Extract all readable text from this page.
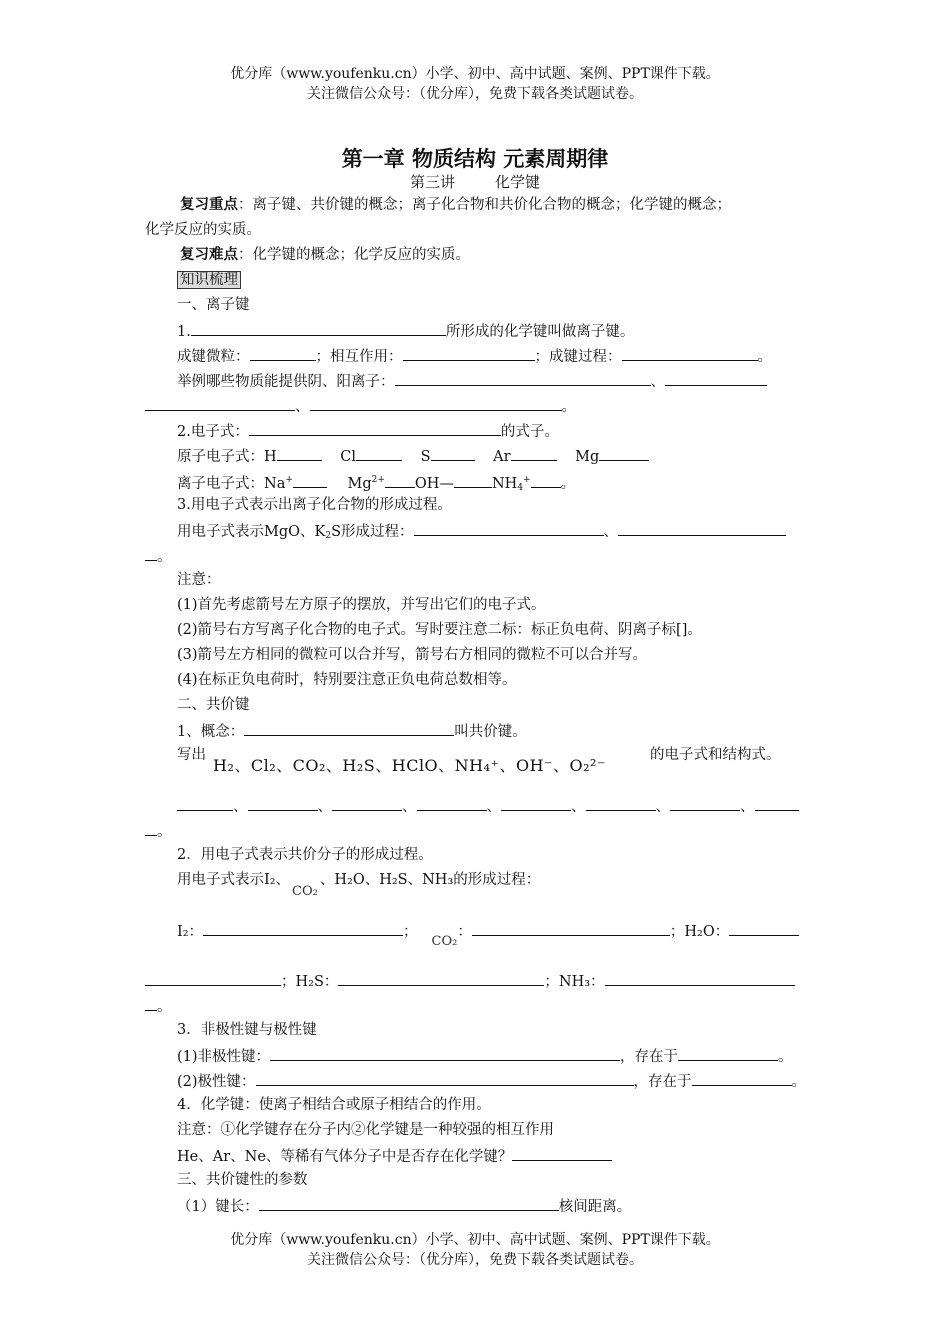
优分库（www.youfenku.cn）小学、初中、高中试题、案例、PPT课件下载。
关注微信公众号：（优分库），免费下载各类试题试卷。
第一章 物质结构 元素周期律
第三讲	化学键
复习重点：离子键、共价键的概念；离子化合物和共价化合物的概念；化学键的概念；
化学反应的实质。
复习难点：化学键的概念；化学反应的实质。
知识梳理
一、离子键
1.	所形成的化学键叫做离子键。
成键微粒：	；相互作用：	；成键过程：	。
举例哪些物质能提供阴、阳离子：	、
、	。
2.电子式：	的式子。
原子电子式：H	Cl	S	Ar	Mg
离子电子式：Na+	$Mg^{2+}$ OH—	$NH_4^+$ 。
3.用电子式表示出离子化合物的形成过程。
用电子式表示MgO、$K_2S$形成过程：	、
。
注意：
(1)首先考虑箭号左方原子的摆放，并写出它们的电子式。
(2)箭号右方写离子化合物的电子式。写时要注意二标：标正负电荷、阴离子标[]。
(3)箭号左方相同的微粒可以合并写，箭号右方相同的微粒不可以合并写。
(4)在标正负电荷时，特别要注意正负电荷总数相等。
二、共价键
1、概念：	叫共价键。
写出
H₂、Cl₂、CO₂、H₂S、HClO、NH₄⁺、OH⁻、O₂²⁻
的电子式和结构式。
、	、	、	、	、	、	、
。
2．用电子式表示共价分子的形成过程。
用电子式表示I₂、CO₂、H₂O、H₂S、NH₃的形成过程：
I₂：	；CO₂：	；H₂O：
；H₂S：	；NH₃：
。
3．非极性键与极性键
(1)非极性键：	，存在于	。
(2)极性键：	，存在于	。
4．化学键：使离子相结合或原子相结合的作用。
注意：①化学键存在分子内②化学键是一种较强的相互作用
He、Ar、Ne、等稀有气体分子中是否存在化学键？
三、共价键性的参数
（1）键长：	核间距离。
优分库（www.youfenku.cn）小学、初中、高中试题、案例、PPT课件下载。
关注微信公众号：（优分库），免费下载各类试题试卷。
